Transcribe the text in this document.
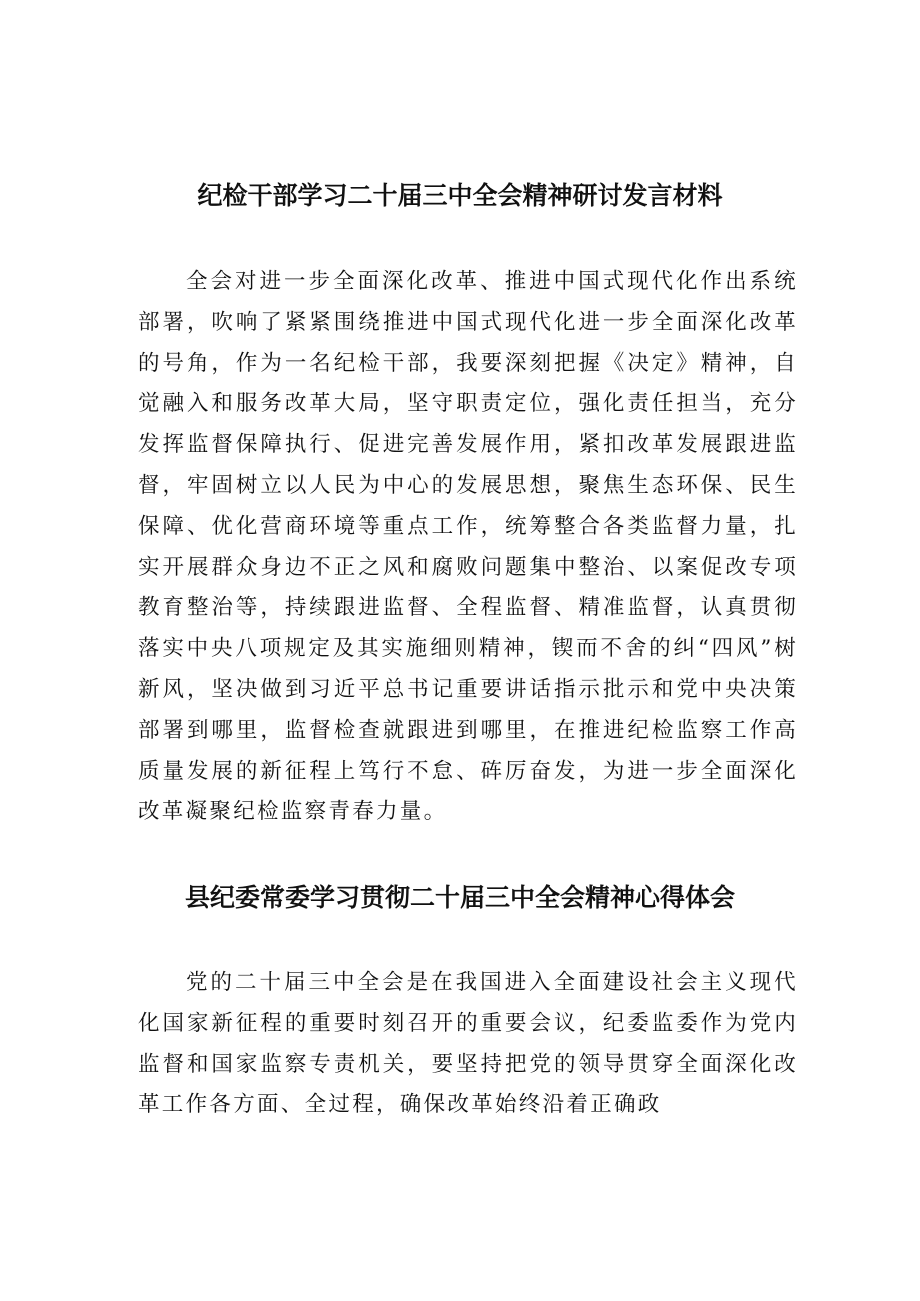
纪检干部学习二十届三中全会精神研讨发言材料

全会对进一步全面深化改革、推进中国式现代化作出系统部署，吹响了紧紧围绕推进中国式现代化进一步全面深化改革的号角，作为一名纪检干部，我要深刻把握《决定》精神，自觉融入和服务改革大局，坚守职责定位，强化责任担当，充分发挥监督保障执行、促进完善发展作用，紧扣改革发展跟进监督，牢固树立以人民为中心的发展思想，聚焦生态环保、民生保障、优化营商环境等重点工作，统筹整合各类监督力量，扎实开展群众身边不正之风和腐败问题集中整治、以案促改专项教育整治等，持续跟进监督、全程监督、精准监督，认真贯彻落实中央八项规定及其实施细则精神，锲而不舍的纠“四风”树新风，坚决做到习近平总书记重要讲话指示批示和党中央决策部署到哪里，监督检查就跟进到哪里，在推进纪检监察工作高质量发展的新征程上笃行不怠、砗厉奋发，为进一步全面深化改革凝聚纪检监察青春力量。

县纪委常委学习贯彻二十届三中全会精神心得体会

党的二十届三中全会是在我国进入全面建设社会主义现代化国家新征程的重要时刻召开的重要会议，纪委监委作为党内监督和国家监察专责机关，要坚持把党的领导贯穿全面深化改革工作各方面、全过程，确保改革始终沿着正确政
